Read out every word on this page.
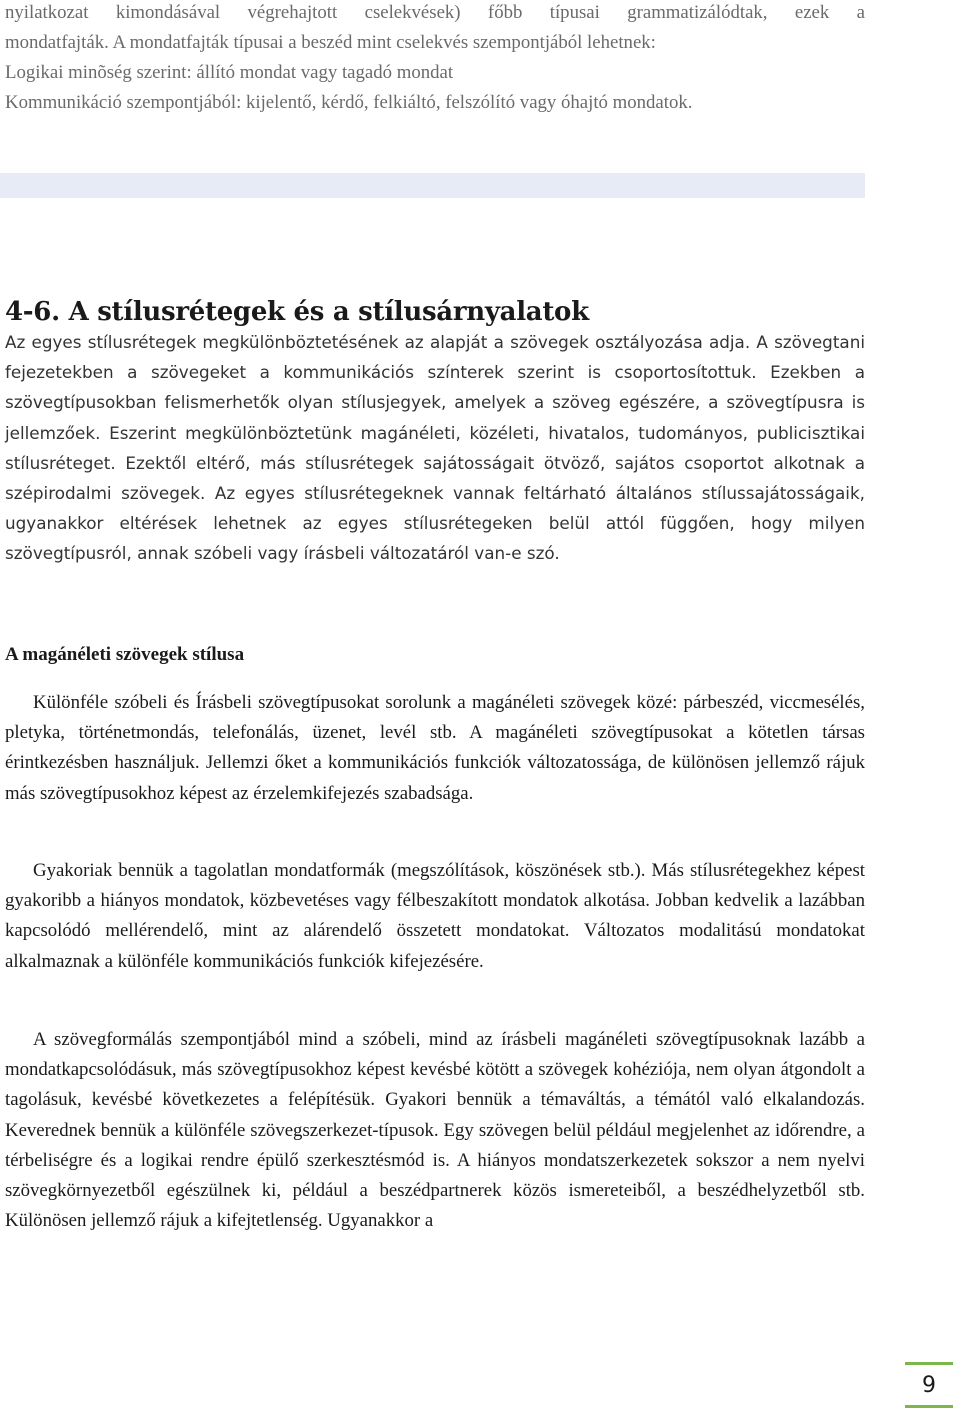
nyilatkozat kimondásával végrehajtott cselekvések) főbb típusai grammatizálódtak, ezek a

mondatfajták. A mondatfajták típusai a beszéd mint cselekvés szempontjából lehetnek:

Logikai minõség szerint: állító mondat vagy tagadó mondat

Kommunikáció szempontjából: kijelentő, kérdő, felkiáltó, felszólító vagy óhajtó mondatok.

4-6. A stílusrétegek és a stílusárnyalatok

Az egyes stílusrétegek megkülönböztetésének az alapját a szövegek osztályozása adja. A szövegtani fejezetekben a szövegeket a kommunikációs színterek szerint is csoportosítottuk. Ezekben a szövegtípusokban felismerhetők olyan stílusjegyek, amelyek a szöveg egészére, a szövegtípusra is jellemzőek. Eszerint megkülönböztetünk magánéleti, közéleti, hivatalos, tudományos, publicisztikai stílusréteget. Ezektől eltérő, más stílusrétegek sajátosságait ötvöző, sajátos csoportot alkotnak a szépirodalmi szövegek. Az egyes stílusrétegeknek vannak feltárható általános stílussajátosságaik, ugyanakkor eltérések lehetnek az egyes stílusrétegeken belül attól függően, hogy milyen szövegtípusról, annak szóbeli vagy írásbeli változatáról van-e szó.

A magánéleti szövegek stílusa

Különféle szóbeli és Írásbeli szövegtípusokat sorolunk a magánéleti szövegek közé: párbeszéd, viccmesélés, pletyka, történetmondás, telefonálás, üzenet, levél stb. A magánéleti szövegtípusokat a kötetlen társas érintkezésben használjuk. Jellemzi őket a kommunikációs funkciók változatossága, de különösen jellemző rájuk más szövegtípusokhoz képest az érzelemkifejezés szabadsága.

Gyakoriak bennük a tagolatlan mondatformák (megszólítások, köszönések stb.). Más stílusrétegekhez képest gyakoribb a hiányos mondatok, közbevetéses vagy félbeszakított mondatok alkotása. Jobban kedvelik a lazábban kapcsolódó mellérendelő, mint az alárendelő összetett mondatokat. Változatos modalitású mondatokat alkalmaznak a különféle kommunikációs funkciók kifejezésére.

A szövegformálás szempontjából mind a szóbeli, mind az írásbeli magánéleti szövegtípusoknak lazább a mondatkapcsolódásuk, más szövegtípusokhoz képest kevésbé kötött a szövegek kohéziója, nem olyan átgondolt a tagolásuk, kevésbé következetes a felépítésük. Gyakori bennük a témaváltás, a témától való elkalandozás. Keverednek bennük a különféle szövegszerkezet-típusok. Egy szövegen belül például megjelenhet az időrendre, a térbeliségre és a logikai rendre épülő szerkesztésmód is. A hiányos mondatszerkezetek sokszor a nem nyelvi szövegkörnyezetből egészülnek ki, például a beszédpartnerek közös ismereteiből, a beszédhelyzetből stb. Különösen jellemző rájuk a kifejtetlenség. Ugyanakkor a

9
